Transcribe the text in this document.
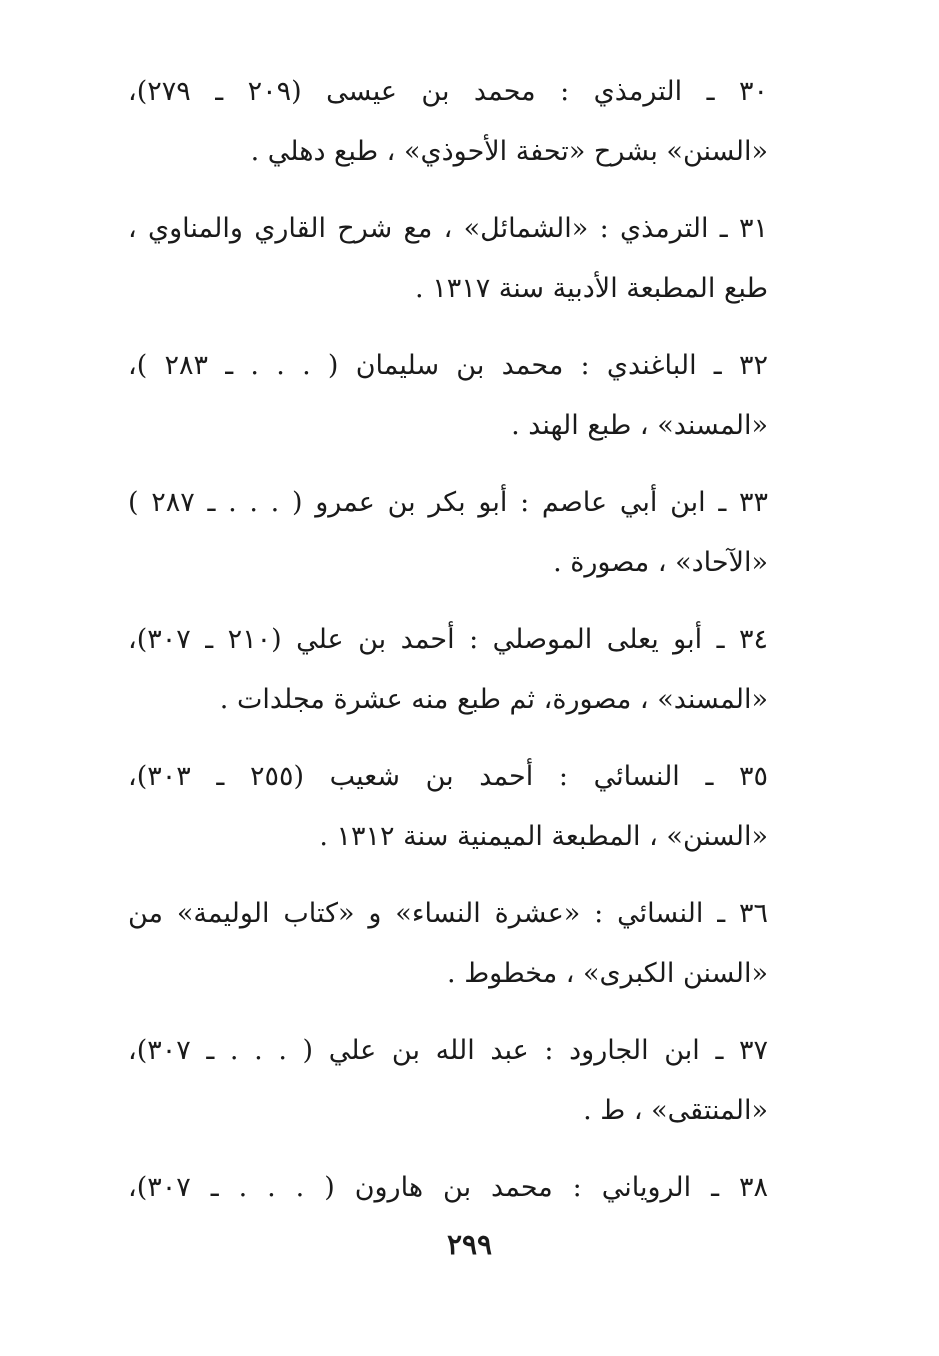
٣٠ ـ الترمذي : محمد بن عيسى (٢٠٩ ـ ٢٧٩)،
«السنن» بشرح «تحفة الأحوذي» ، طبع دهلي .
٣١ ـ الترمذي : «الشمائل» ، مع شرح القاري والمناوي ،
طبع المطبعة الأدبية سنة ١٣١٧ .
٣٢ ـ الباغندي : محمد بن سليمان ( . . . ـ ٢٨٣ )،
«المسند» ، طبع الهند .
٣٣ ـ ابن أبي عاصم : أبو بكر بن عمرو ( . . . ـ ٢٨٧ )
«الآحاد» ، مصورة .
٣٤ ـ أبو يعلى الموصلي : أحمد بن علي (٢١٠ ـ ٣٠٧)،
«المسند» ، مصورة، ثم طبع منه عشرة مجلدات .
٣٥ ـ النسائي : أحمد بن شعيب (٢٥٥ ـ ٣٠٣)،
«السنن» ، المطبعة الميمنية سنة ١٣١٢ .
٣٦ ـ النسائي : «عشرة النساء» و «كتاب الوليمة» من
«السنن الكبرى» ، مخطوط .
٣٧ ـ ابن الجارود : عبد الله بن علي ( . . . ـ ٣٠٧)،
«المنتقى» ، ط .
٣٨ ـ الروياني : محمد بن هارون ( . . . ـ ٣٠٧)،
٢٩٩
